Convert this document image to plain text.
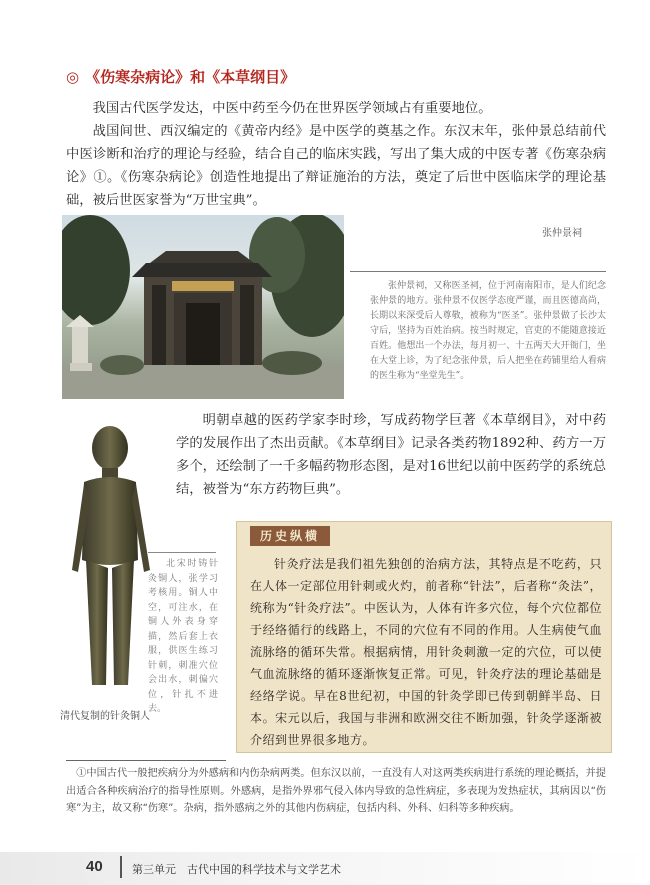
◎ 《伤寒杂病论》和《本草纲目》

我国古代医学发达，中医中药至今仍在世界医学领域占有重要地位。

战国间世、西汉编定的《黄帝内经》是中医学的奠基之作。东汉末年，张仲景总结前代中医诊断和治疗的理论与经验，结合自己的临床实践，写出了集大成的中医专著《伤寒杂病论》①。《伤寒杂病论》创造性地提出了辩证施治的方法，奠定了后世中医临床学的理论基础，被后世医家誉为“万世宝典”。

张仲景祠
张仲景祠，又称医圣祠，位于河南南阳市，是人们纪念张仲景的地方。张仲景不仅医学态度严谨，而且医德高尚，长期以来深受后人尊敬，被称为“医圣”。张仲景做了长沙太守后，坚持为百姓治病。按当时规定，官吏的不能随意接近百姓。他想出一个办法，每月初一、十五两天大开衙门，坐在大堂上诊，为了纪念张仲景，后人把坐在药铺里给人看病的医生称为“坐堂先生”。

明朝卓越的医药学家李时珍，写成药物学巨著《本草纲目》，对中药学的发展作出了杰出贡献。《本草纲目》记录各类药物1892种、药方一万多个，还绘制了一千多幅药物形态图，是对16世纪以前中医药学的系统总结，被誉为“东方药物巨典”。

北宋时铸针灸铜人，张学习考核用。铜人中空，可注水，在铜人外表身穿描，然后套上衣服，供医生练习针刺，刺准穴位会出水，刺偏穴位，针扎不进去。
清代复制的针灸铜人
历史纵横
针灸疗法是我们祖先独创的治病方法，其特点是不吃药，只在人体一定部位用针刺或火灼，前者称“针法”，后者称“灸法”，统称为“针灸疗法”。中医认为，人体有许多穴位，每个穴位都位于经络循行的线路上，不同的穴位有不同的作用。人生病使气血流脉络的循环失常。根据病情，用针灸刺激一定的穴位，可以使气血流脉络的循环逐渐恢复正常。可见，针灸疗法的理论基础是经络学说。早在8世纪初，中国的针灸学即已传到朝鲜半岛、日本。宋元以后，我国与非洲和欧洲交往不断加强，针灸学逐渐被介绍到世界很多地方。
①中国古代一般把疾病分为外感病和内伤杂病两类。但东汉以前，一直没有人对这两类疾病进行系统的理论概括，并提出适合各种疾病治疗的指导性原则。外感病，是指外界邪气侵入体内导致的急性病症，多表现为发热症状，其病因以“伤寒”为主，故又称“伤寒”。杂病，指外感病之外的其他内伤病症，包括内科、外科、妇科等多种疾病。
40	第三单元　古代中国的科学技术与文学艺术
